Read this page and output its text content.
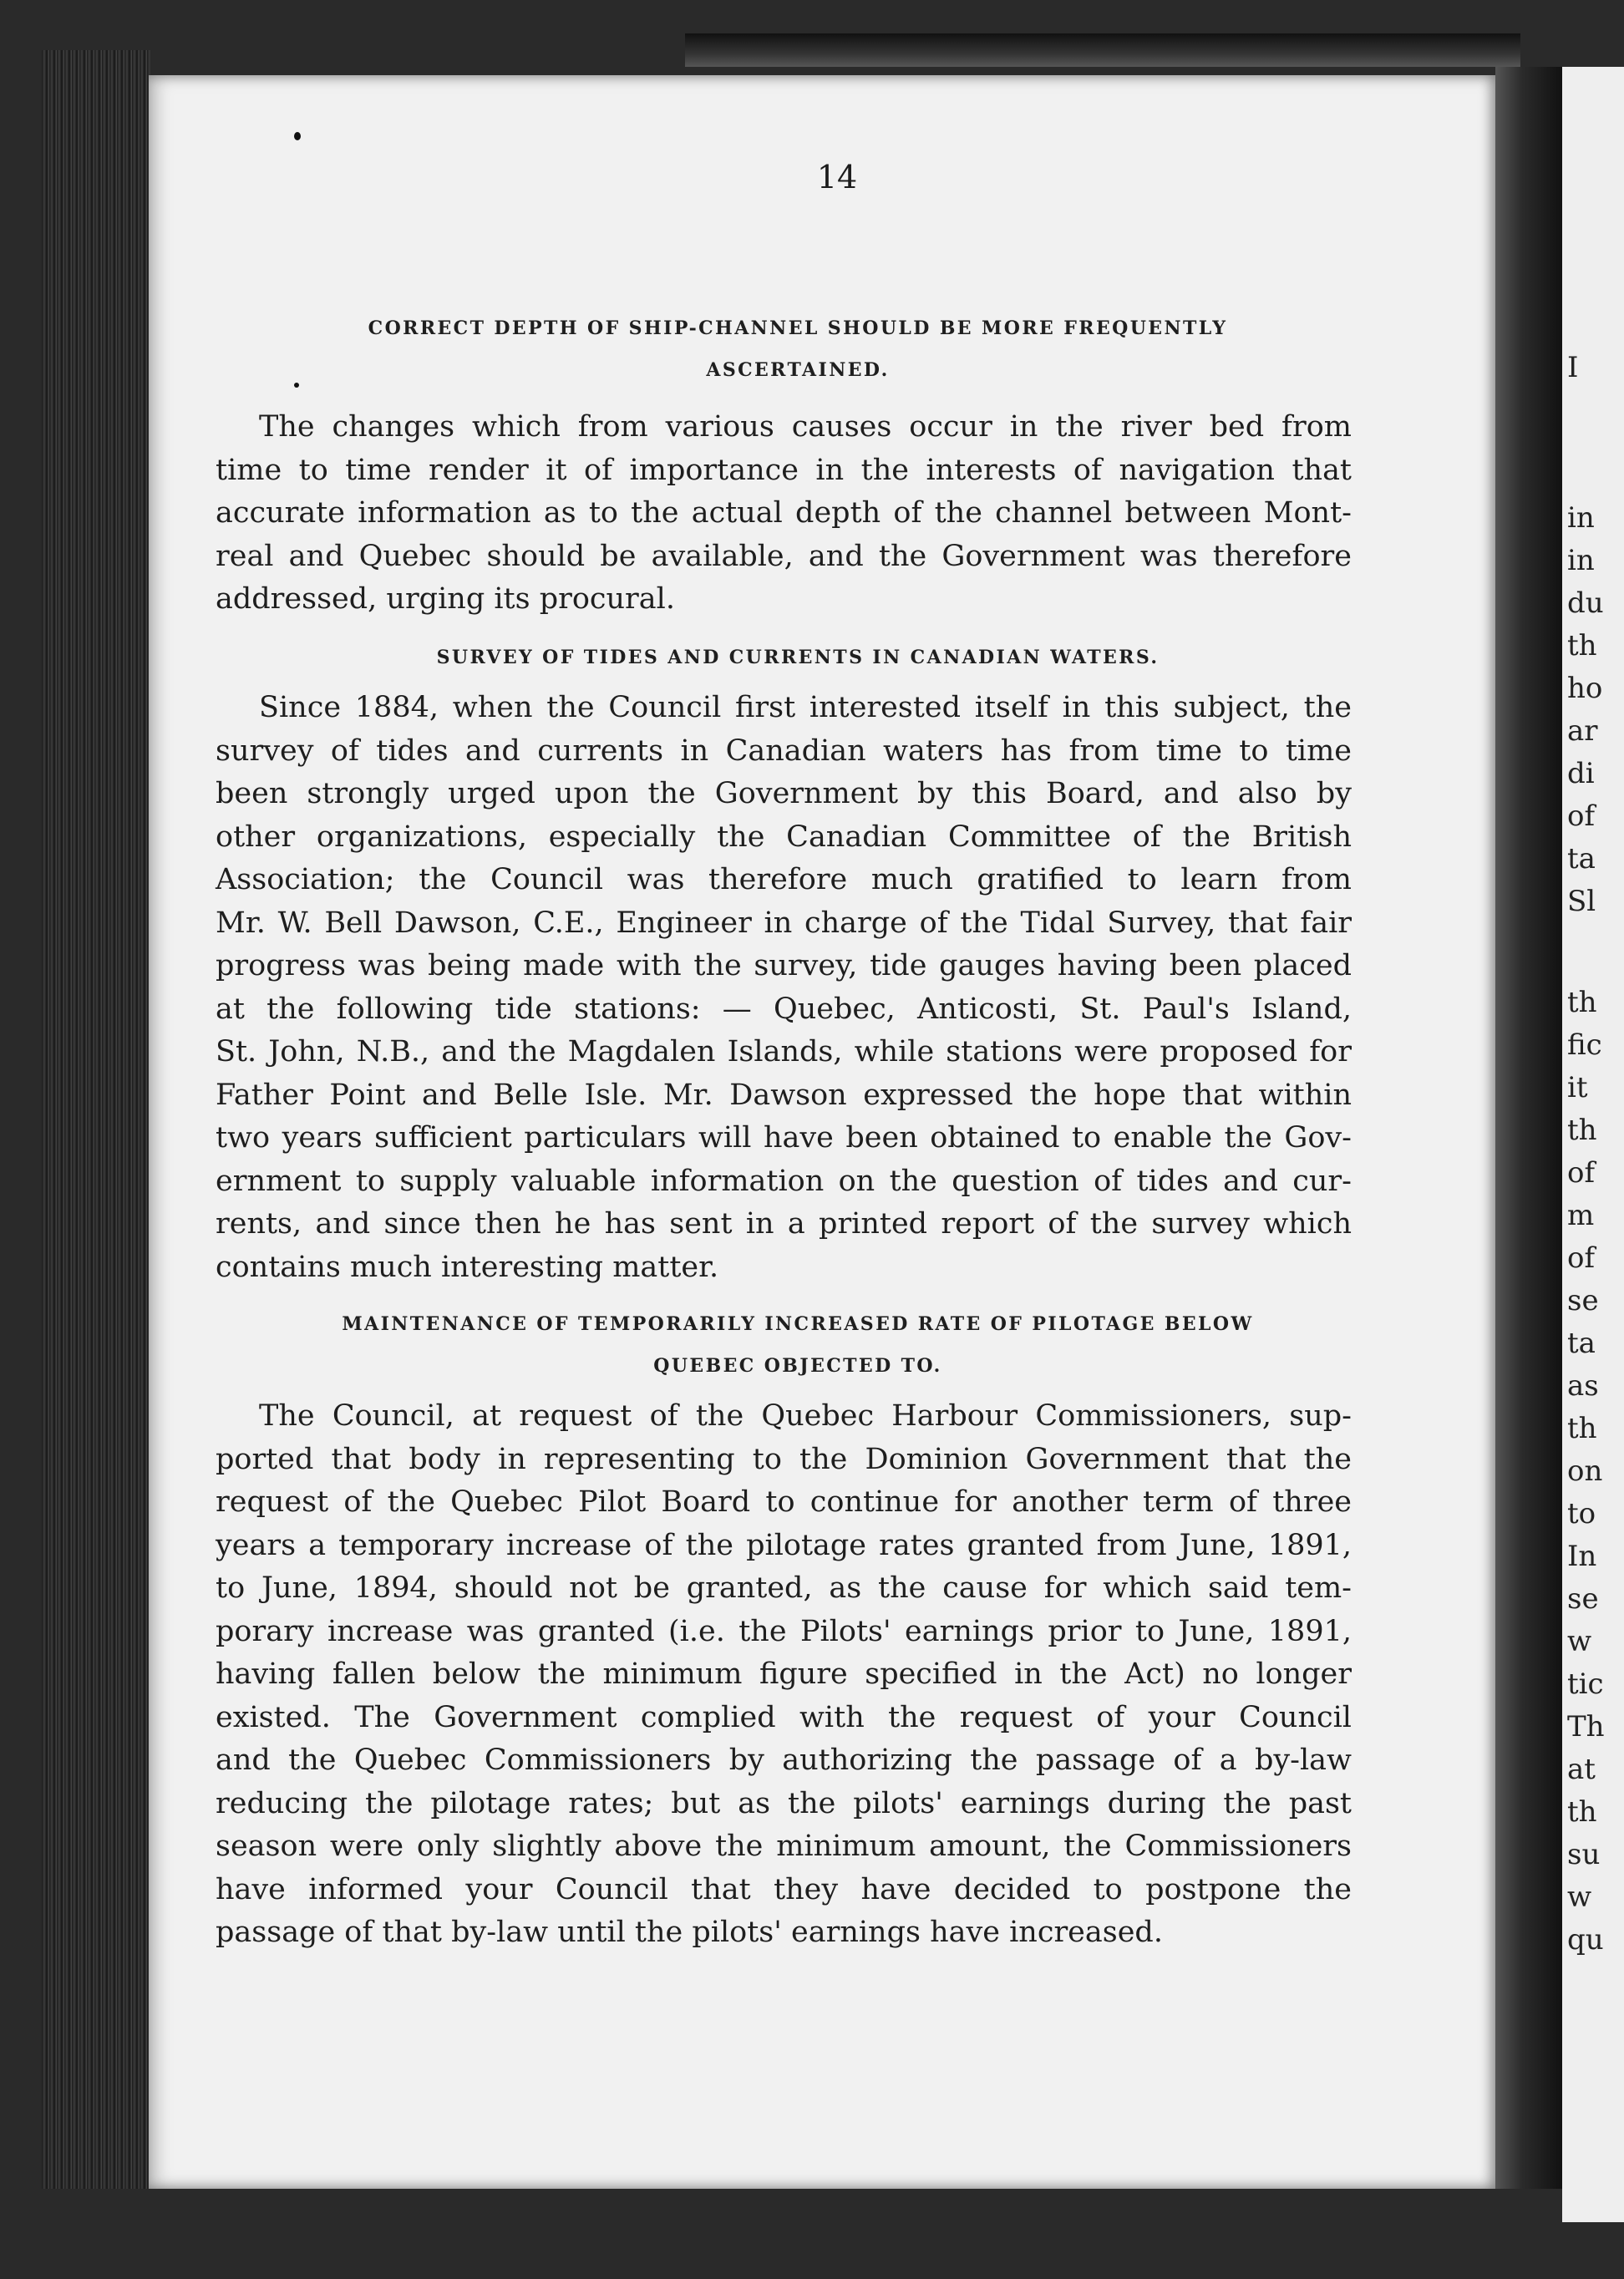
I
in
in
du
th
ho
ar
di
of
ta
Sl
th
fic
it
th
of
m
of
se
ta
as
th
on
to
In
se
w
tic
Th
at
th
su
w
qu
14
CORRECT DEPTH OF SHIP-CHANNEL SHOULD BE MORE FREQUENTLY
ASCERTAINED.
The changes which from various causes occur in the river bed from
time to time render it of importance in the interests of navigation that
accurate information as to the actual depth of the channel between Mont-
real and Quebec should be available, and the Government was therefore
addressed, urging its procural.
SURVEY OF TIDES AND CURRENTS IN CANADIAN WATERS.
Since 1884, when the Council first interested itself in this subject, the
survey of tides and currents in Canadian waters has from time to time
been strongly urged upon the Government by this Board, and also by
other organizations, especially the Canadian Committee of the British
Association; the Council was therefore much gratified to learn from
Mr. W. Bell Dawson, C.E., Engineer in charge of the Tidal Survey, that fair
progress was being made with the survey, tide gauges having been placed
at the following tide stations: — Quebec, Anticosti, St. Paul's Island,
St. John, N.B., and the Magdalen Islands, while stations were proposed for
Father Point and Belle Isle. Mr. Dawson expressed the hope that within
two years sufficient particulars will have been obtained to enable the Gov-
ernment to supply valuable information on the question of tides and cur-
rents, and since then he has sent in a printed report of the survey which
contains much interesting matter.
MAINTENANCE OF TEMPORARILY INCREASED RATE OF PILOTAGE BELOW
QUEBEC OBJECTED TO.
The Council, at request of the Quebec Harbour Commissioners, sup-
ported that body in representing to the Dominion Government that the
request of the Quebec Pilot Board to continue for another term of three
years a temporary increase of the pilotage rates granted from June, 1891,
to June, 1894, should not be granted, as the cause for which said tem-
porary increase was granted (i.e. the Pilots' earnings prior to June, 1891,
having fallen below the minimum figure specified in the Act) no longer
existed. The Government complied with the request of your Council
and the Quebec Commissioners by authorizing the passage of a by-law
reducing the pilotage rates; but as the pilots' earnings during the past
season were only slightly above the minimum amount, the Commissioners
have informed your Council that they have decided to postpone the
passage of that by-law until the pilots' earnings have increased.
